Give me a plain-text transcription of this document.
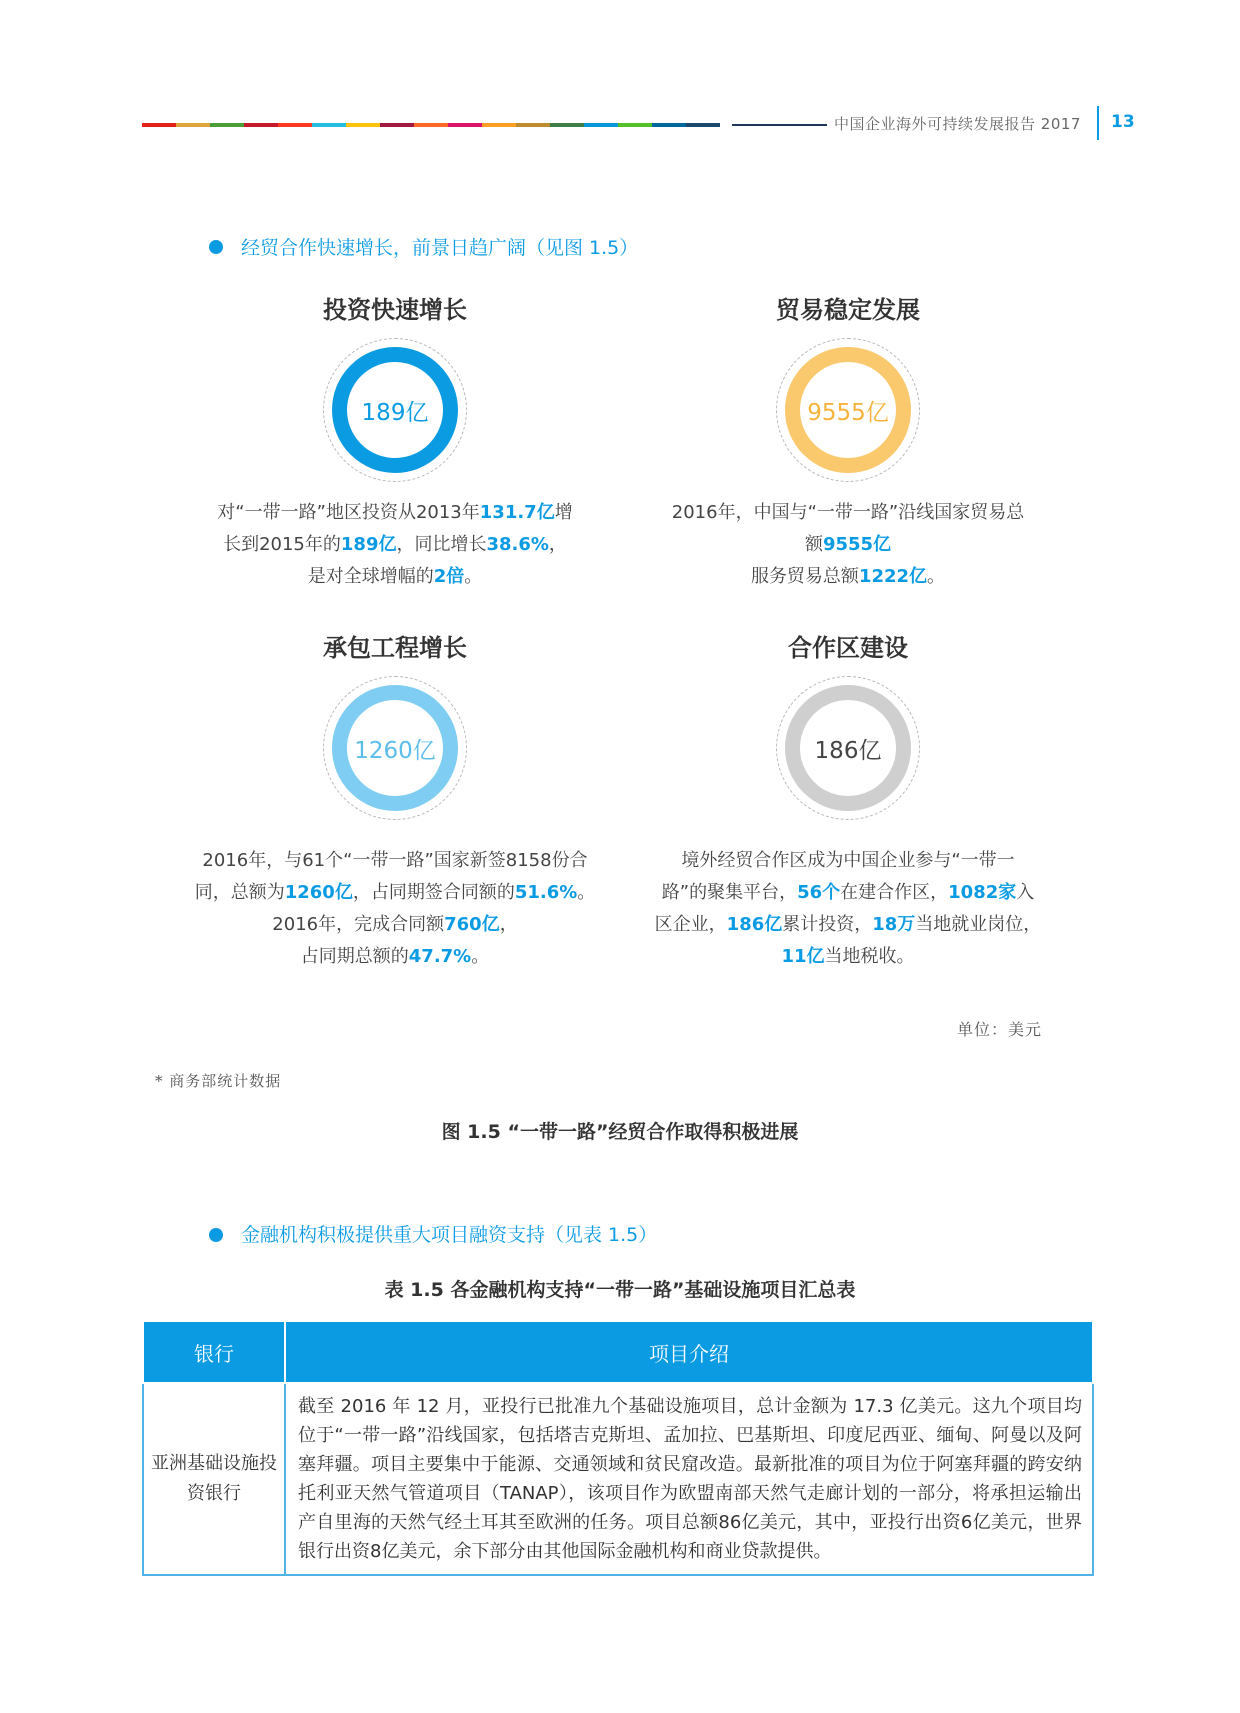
中国企业海外可持续发展报告 2017 13
经贸合作快速增长，前景日趋广阔（见图 1.5）
投资快速增长
189亿
对“一带一路”地区投资从2013年131.7亿增
长到2015年的189亿，同比增长38.6%，
是对全球增幅的2倍。
贸易稳定发展
9555亿
2016年，中国与“一带一路”沿线国家贸易总
额9555亿
服务贸易总额1222亿。
承包工程增长
1260亿
2016年，与61个“一带一路”国家新签8158份合
同，总额为1260亿，占同期签合同额的51.6%。
2016年，完成合同额760亿，
占同期总额的47.7%。
合作区建设
186亿
境外经贸合作区成为中国企业参与“一带一
路”的聚集平台，56个在建合作区，1082家入
区企业，186亿累计投资，18万当地就业岗位，
11亿当地税收。
单位：美元
* 商务部统计数据
图 1.5 “一带一路”经贸合作取得积极进展
金融机构积极提供重大项目融资支持（见表 1.5）
表 1.5 各金融机构支持“一带一路”基础设施项目汇总表
银行	项目介绍
亚洲基础设施投资银行	截至 2016 年 12 月，亚投行已批准九个基础设施项目，总计金额为 17.3 亿美元。这九个项目均位于“一带一路”沿线国家，包括塔吉克斯坦、孟加拉、巴基斯坦、印度尼西亚、缅甸、阿曼以及阿塞拜疆。项目主要集中于能源、交通领域和贫民窟改造。最新批准的项目为位于阿塞拜疆的跨安纳托利亚天然气管道项目（TANAP），该项目作为欧盟南部天然气走廊计划的一部分，将承担运输出产自里海的天然气经土耳其至欧洲的任务。项目总额86亿美元，其中，亚投行出资6亿美元，世界银行出资8亿美元，余下部分由其他国际金融机构和商业贷款提供。
